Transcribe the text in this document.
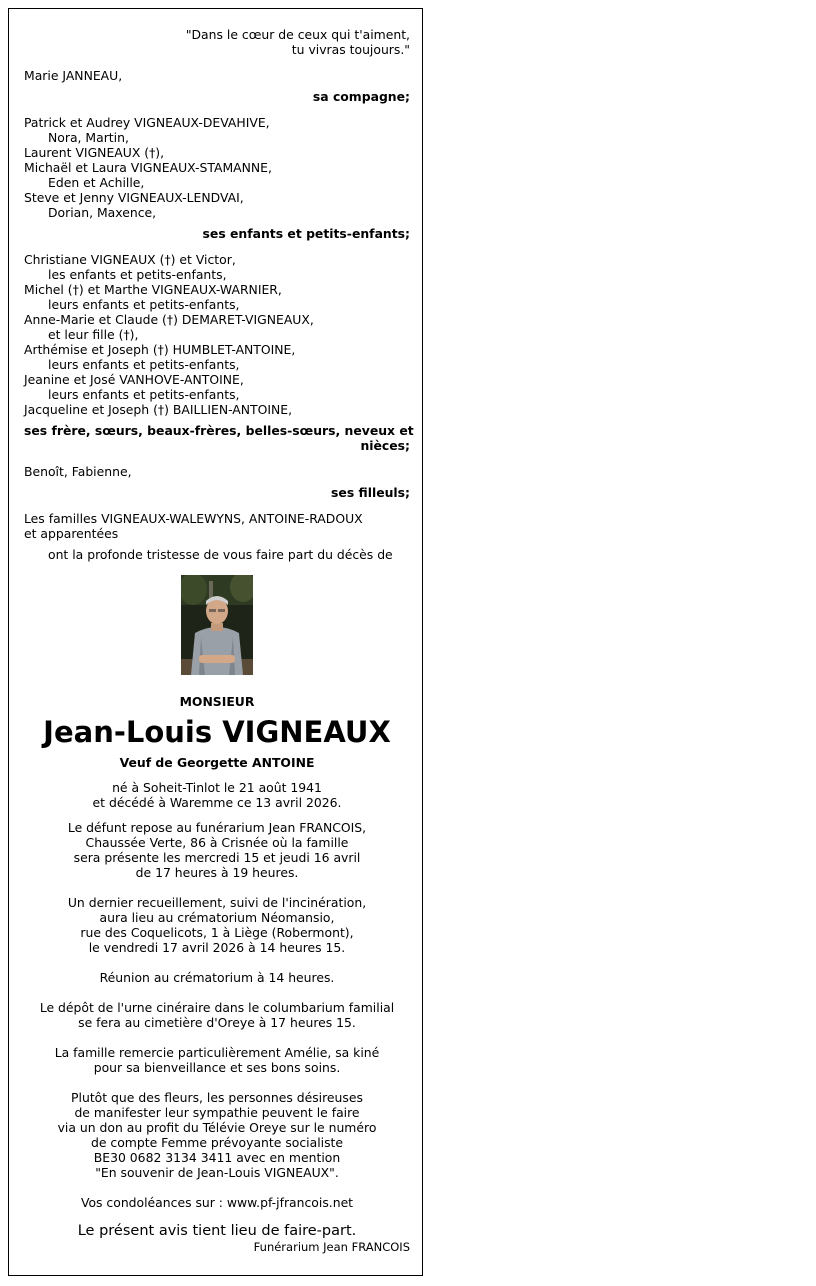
"Dans le cœur de ceux qui t'aiment,
tu vivras toujours."
Marie JANNEAU,
sa compagne;
Patrick et Audrey VIGNEAUX-DEVAHIVE,
Nora, Martin,
Laurent VIGNEAUX (†),
Michaël et Laura VIGNEAUX-STAMANNE,
Eden et Achille,
Steve et Jenny VIGNEAUX-LENDVAI,
Dorian, Maxence,
ses enfants et petits-enfants;
Christiane VIGNEAUX (†) et Victor,
les enfants et petits-enfants,
Michel (†) et Marthe VIGNEAUX-WARNIER,
leurs enfants et petits-enfants,
Anne-Marie et Claude (†) DEMARET-VIGNEAUX,
et leur fille (†),
Arthémise et Joseph (†) HUMBLET-ANTOINE,
leurs enfants et petits-enfants,
Jeanine et José VANHOVE-ANTOINE,
leurs enfants et petits-enfants,
Jacqueline et Joseph (†) BAILLIEN-ANTOINE,
ses frère, sœurs, beaux-frères, belles-sœurs, neveux et
nièces;
Benoît, Fabienne,
ses filleuls;
Les familles VIGNEAUX-WALEWYNS, ANTOINE-RADOUX
et apparentées
ont la profonde tristesse de vous faire part du décès de
MONSIEUR
Jean-Louis VIGNEAUX
Veuf de Georgette ANTOINE
né à Soheit-Tinlot le 21 août 1941
et décédé à Waremme ce 13 avril 2026.
Le défunt repose au funérarium Jean FRANCOIS,
Chaussée Verte, 86 à Crisnée où la famille
sera présente les mercredi 15 et jeudi 16 avril
de 17 heures à 19 heures.
Un dernier recueillement, suivi de l'incinération,
aura lieu au crématorium Néomansio,
rue des Coquelicots, 1 à Liège (Robermont),
le vendredi 17 avril 2026 à 14 heures 15.
Réunion au crématorium à 14 heures.
Le dépôt de l'urne cinéraire dans le columbarium familial
se fera au cimetière d'Oreye à 17 heures 15.
La famille remercie particulièrement Amélie, sa kiné
pour sa bienveillance et ses bons soins.
Plutôt que des fleurs, les personnes désireuses
de manifester leur sympathie peuvent le faire
via un don au profit du Télévie Oreye sur le numéro
de compte Femme prévoyante socialiste
BE30 0682 3134 3411 avec en mention
"En souvenir de Jean-Louis VIGNEAUX".
Vos condoléances sur : www.pf-jfrancois.net
Le présent avis tient lieu de faire-part.
Funérarium Jean FRANCOIS
